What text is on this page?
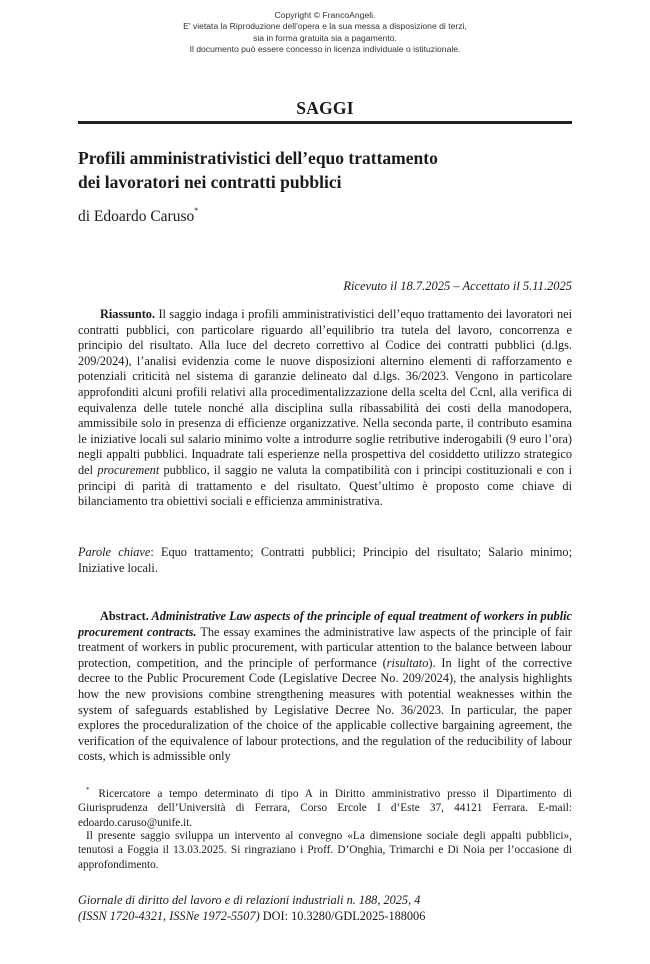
Copyright © FrancoAngeli.
E' vietata la Riproduzione dell'opera e la sua messa a disposizione di terzi,
sia in forma gratuita sia a pagamento.
Il documento può essere concesso in licenza individuale o istituzionale.
SAGGI
Profili amministrativistici dell’equo trattamento
dei lavoratori nei contratti pubblici
di Edoardo Caruso*
Ricevuto il 18.7.2025 – Accettato il 5.11.2025
Riassunto. Il saggio indaga i profili amministrativistici dell’equo trattamento dei lavoratori nei contratti pubblici, con particolare riguardo all’equilibrio tra tutela del lavoro, concorrenza e principio del risultato. Alla luce del decreto correttivo al Codice dei contratti pubblici (d.lgs. 209/2024), l’analisi evidenzia come le nuove disposizioni alternino elementi di rafforzamento e potenziali criticità nel sistema di garanzie delineato dal d.lgs. 36/2023. Vengono in particolare approfonditi alcuni profili relativi alla procedimentalizzazione della scelta del Ccnl, alla verifica di equivalenza delle tutele nonché alla disciplina sulla ribassabilità dei costi della manodopera, ammissibile solo in presenza di efficienze organizzative. Nella seconda parte, il contributo esamina le iniziative locali sul salario minimo volte a introdurre soglie retributive inderogabili (9 euro l’ora) negli appalti pubblici. Inquadrate tali esperienze nella prospettiva del cosiddetto utilizzo strategico del procurement pubblico, il saggio ne valuta la compatibilità con i principi costituzionali e con i principi di parità di trattamento e del risultato. Quest’ultimo è proposto come chiave di bilanciamento tra obiettivi sociali e efficienza amministrativa.
Parole chiave: Equo trattamento; Contratti pubblici; Principio del risultato; Salario minimo; Iniziative locali.
Abstract. Administrative Law aspects of the principle of equal treatment of workers in public procurement contracts. The essay examines the administrative law aspects of the principle of fair treatment of workers in public procurement, with particular attention to the balance between labour protection, competition, and the principle of performance (risultato). In light of the corrective decree to the Public Procurement Code (Legislative Decree No. 209/2024), the analysis highlights how the new provisions combine strengthening measures with potential weaknesses within the system of safeguards established by Legislative Decree No. 36/2023. In particular, the paper explores the proceduralization of the choice of the applicable collective bargaining agreement, the verification of the equivalence of labour protections, and the regulation of the reducibility of labour costs, which is admissible only
* Ricercatore a tempo determinato di tipo A in Diritto amministrativo presso il Dipartimento di Giurisprudenza dell’Università di Ferrara, Corso Ercole I d’Este 37, 44121 Ferrara. E-mail: edoardo.caruso@unife.it.
Il presente saggio sviluppa un intervento al convegno «La dimensione sociale degli appalti pubblici», tenutosi a Foggia il 13.03.2025. Si ringraziano i Proff. D’Onghia, Trimarchi e Di Noia per l’occasione di approfondimento.
Giornale di diritto del lavoro e di relazioni industriali n. 188, 2025, 4
(ISSN 1720-4321, ISSNe 1972-5507) DOI: 10.3280/GDL2025-188006
